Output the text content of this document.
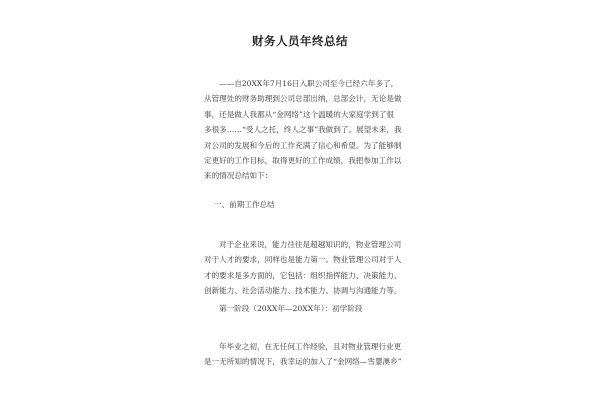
财务人员年终总结
——自20XX年7月16日入职公司至今已经六年多了，
从管理处的财务助理到公司总部出纳，总部会计，无论是做
事，还是做人我都从“金网络”这个温暖的大家庭学到了很
多很多……“受人之托，终人之事”我做到了。展望未来，我
对公司的发展和今后的工作充满了信心和希望。为了能够制
定更好的工作目标，取得更好的工作成绩，我把参加工作以
来的情况总结如下：
一、前期工作总结
对于企业来说，能力往往是超越知识的，物业管理公司
对于人才的要求，同样也是能力第一。物业管理公司对于人
才的要求是多方面的，它包括：组织指挥能力、决策能力、
创新能力、社会活动能力、技术能力、协调与沟通能力等。
第一阶段（20XX年—20XX年）：初学阶段
年毕业之初，在无任何工作经验，且对物业管理行业更
是一无所知的情况下，我幸运的加入了“金网络—雪婴澳乡”
